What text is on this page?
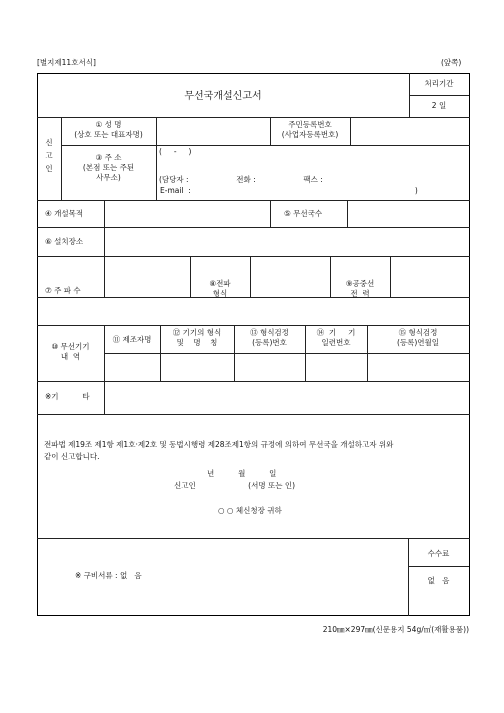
[별지제11호서식]	(앞쪽)
무선국개설신고서
처리기간
2 일
신
고
인
① 성 명
(상호 또는 대표자명)
주민등록번호
(사업자등록번호)
③ 주 소
(본점 또는 주된
사무소)
(     -     )
(담당자 :                    전화 :                    팩스 :
E-mail  :                                                                                              )
④ 개설목적	⑤ 무선국수
⑥ 설치장소
⑦ 주 파 수
⑧전파
형식
⑨공중선
전  력
⑩ 무선기기
내  역
⑪ 제조자명
⑫ 기기의 형식
및    명    칭
⑬ 형식검정
(등록)번호
⑭  기     기
일련번호
⑮ 형식검정
(등록)연월일
※기          타
전파법 제19조 제1항 제1호·제2호 및 동법시행령 제28조제1항의 규정에 의하여 무선국을 개설하고자 위와
같이 신고합니다.
년          월          일
신고인                      (서명 또는 인)
○ ○ 체신청장 귀하
※ 구비서류 : 없   음
수수료
없   음
210㎜×297㎜(신문용지 54g/㎡(재활용품))
